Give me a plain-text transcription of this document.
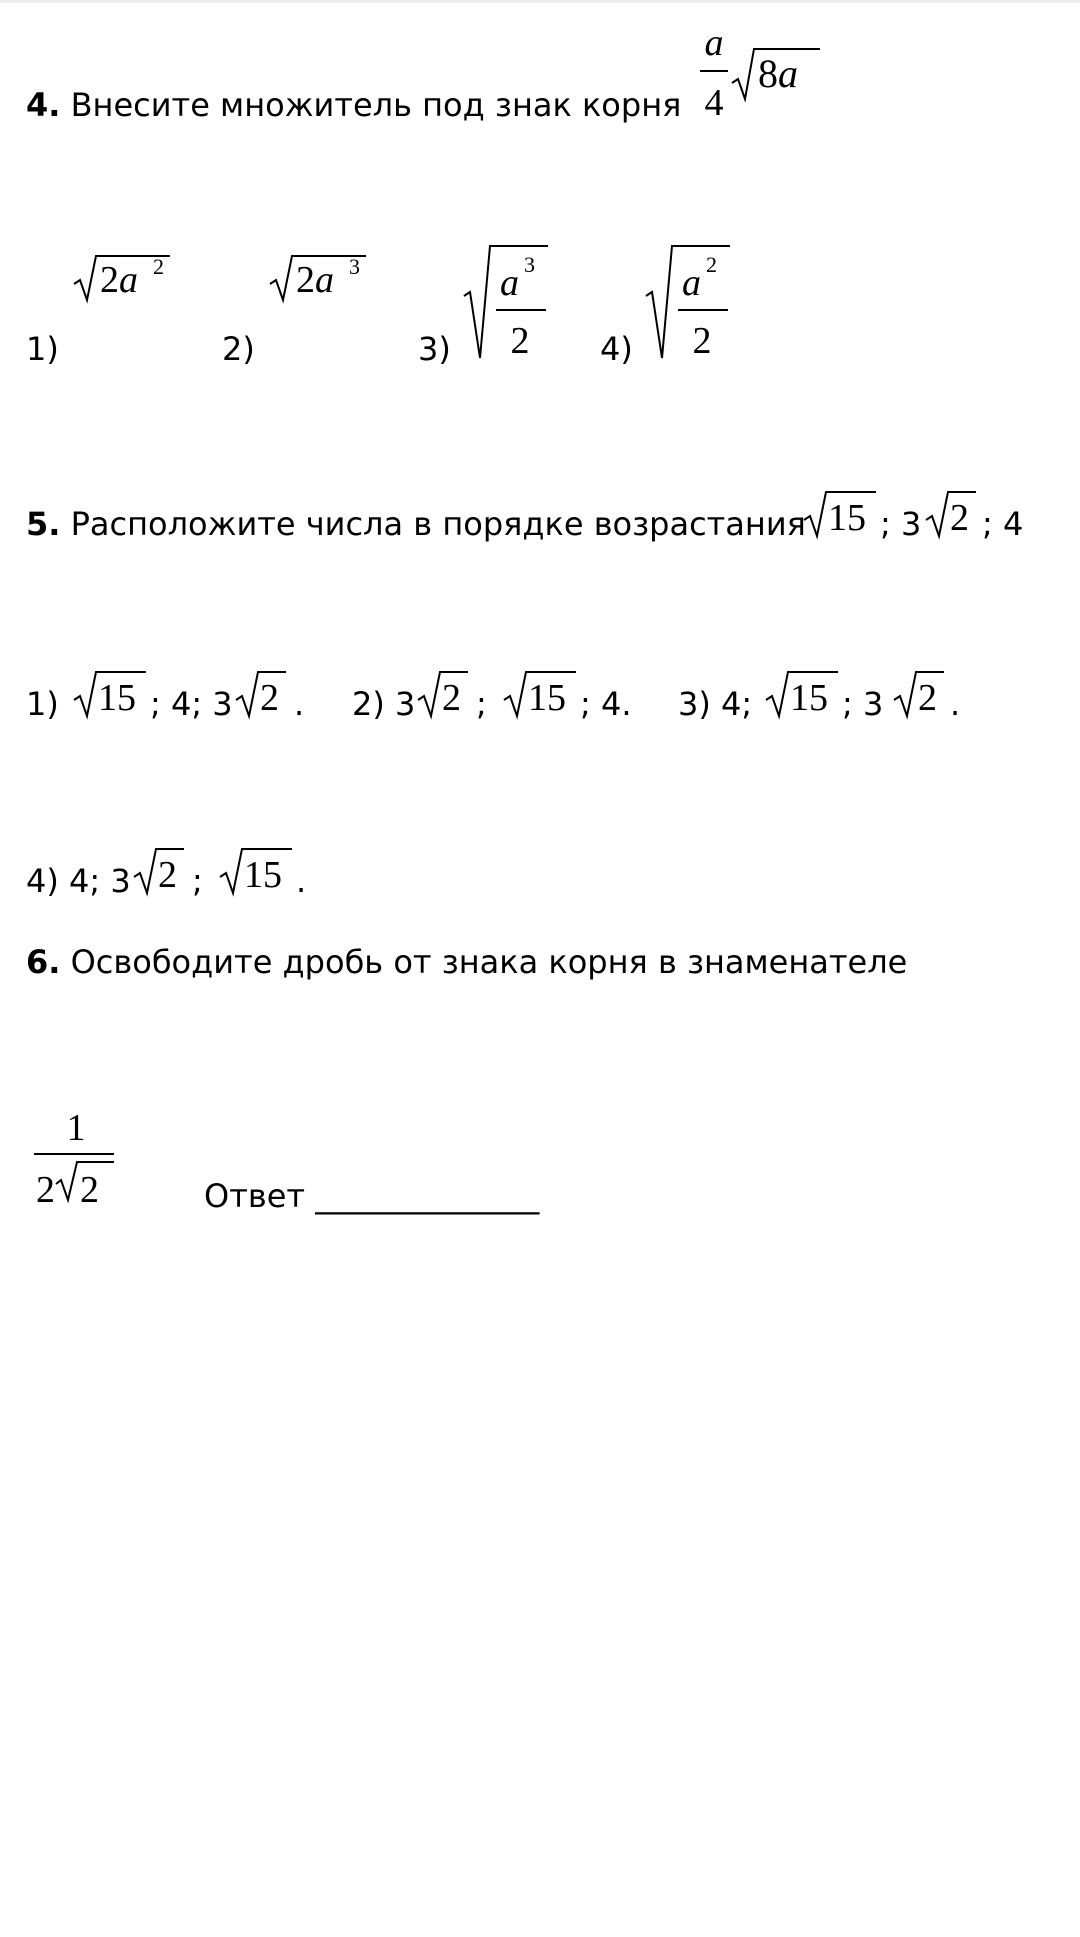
4. Внесите множитель под знак корня
a
4
8a
1)
2a 2
2)
2a 3
3)
a 3
2 4)
a 2
2
5. Расположите числа в порядке возрастания 15 ; 3 2 ; 4
1) 15 ; 4; 3 2 . 2) 3 2 ; 15 ; 4. 3) 4; 15 ; 3 2 .
4) 4; 3 2 ; 15 .
6. Освободите дробь от знака корня в знаменателе
1
2 2	Ответ ______________
